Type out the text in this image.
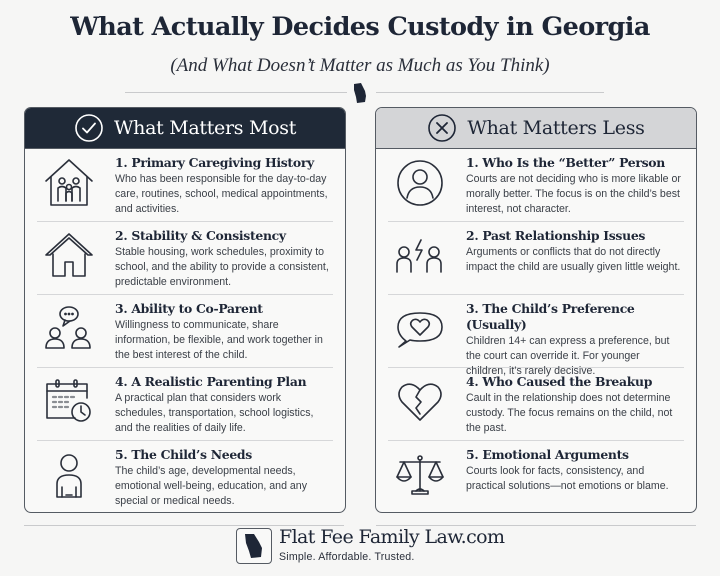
What Actually Decides Custody in Georgia
(And What Doesn’t Matter as Much as You Think)
What Matters Most
1. Primary Caregiving History
Who has been responsible for the day-to-day care, routines, school, medical appointments, and activities.
2. Stability & Consistency
Stable housing, work schedules, proximity to school, and the ability to provide a consistent, predictable environment.
3. Ability to Co-Parent
Willingness to communicate, share information, be flexible, and work together in the best interest of the child.
4. A Realistic Parenting Plan
A practical plan that considers work schedules, transportation, school logistics, and the realities of daily life.
5. The Child’s Needs
The child’s age, developmental needs, emotional well-being, education, and any special or medical needs.
What Matters Less
1. Who Is the “Better” Person
Courts are not deciding who is more likable or morally better. The focus is on the child’s best interest, not character.
2. Past Relationship Issues
Arguments or conflicts that do not directly impact the child are usually given little weight.
3. The Child’s Preference (Usually)
Children 14+ can express a preference, but the court can override it. For younger children, it’s rarely decisive.
4. Who Caused the Breakup
Cault in the relationship does not determine custody. The focus remains on the child, not the past.
5. Emotional Arguments
Courts look for facts, consistency, and practical solutions—not emotions or blame.
Flat Fee Family Law.com
Simple. Affordable. Trusted.
